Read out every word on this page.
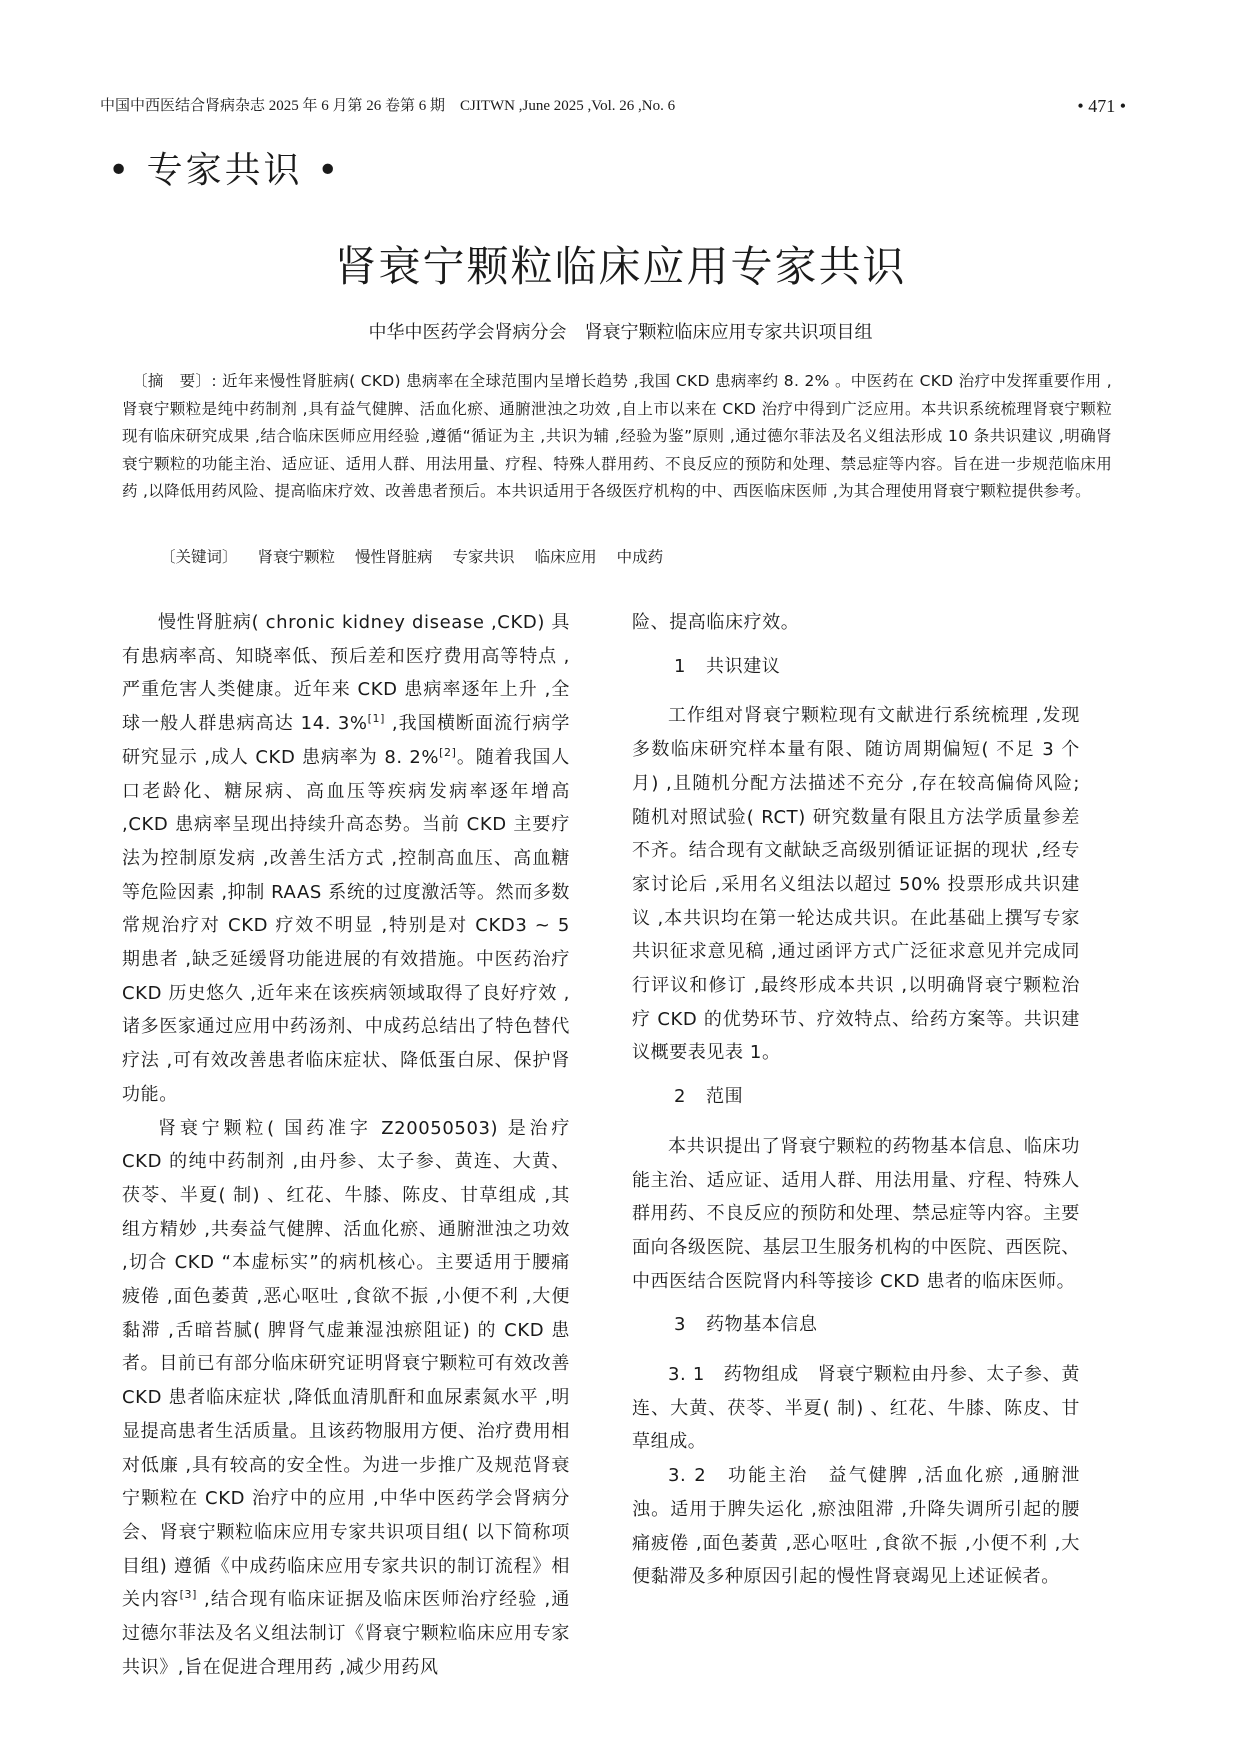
中国中西医结合肾病杂志 2025 年 6 月第 26 卷第 6 期　CJITWN ,June 2025 ,Vol. 26 ,No. 6	• 471 •
• 专家共识 •
肾衰宁颗粒临床应用专家共识
中华中医药学会肾病分会　肾衰宁颗粒临床应用专家共识项目组
〔摘　要〕: 近年来慢性肾脏病( CKD) 患病率在全球范围内呈增长趋势 ,我国 CKD 患病率约 8. 2% 。中医药在 CKD 治疗中发挥重要作用 ,肾衰宁颗粒是纯中药制剂 ,具有益气健脾、活血化瘀、通腑泄浊之功效 ,自上市以来在 CKD 治疗中得到广泛应用。本共识系统梳理肾衰宁颗粒现有临床研究成果 ,结合临床医师应用经验 ,遵循“循证为主 ,共识为辅 ,经验为鉴”原则 ,通过德尔菲法及名义组法形成 10 条共识建议 ,明确肾衰宁颗粒的功能主治、适应证、适用人群、用法用量、疗程、特殊人群用药、不良反应的预防和处理、禁忌症等内容。旨在进一步规范临床用药 ,以降低用药风险、提高临床疗效、改善患者预后。本共识适用于各级医疗机构的中、西医临床医师 ,为其合理使用肾衰宁颗粒提供参考。
〔关键词〕 肾衰宁颗粒 慢性肾脏病 专家共识 临床应用 中成药

慢性肾脏病( chronic kidney disease ,CKD) 具有患病率高、知晓率低、预后差和医疗费用高等特点 ,严重危害人类健康。近年来 CKD 患病率逐年上升 ,全球一般人群患病高达 14. 3%[1] ,我国横断面流行病学研究显示 ,成人 CKD 患病率为 8. 2%[2]。随着我国人口老龄化、糖尿病、高血压等疾病发病率逐年增高 ,CKD 患病率呈现出持续升高态势。当前 CKD 主要疗法为控制原发病 ,改善生活方式 ,控制高血压、高血糖等危险因素 ,抑制 RAAS 系统的过度激活等。然而多数常规治疗对 CKD 疗效不明显 ,特别是对 CKD3 ~ 5 期患者 ,缺乏延缓肾功能进展的有效措施。中医药治疗 CKD 历史悠久 ,近年来在该疾病领域取得了良好疗效 ,诸多医家通过应用中药汤剂、中成药总结出了特色替代疗法 ,可有效改善患者临床症状、降低蛋白尿、保护肾功能。

肾衰宁颗粒( 国药准字 Z20050503) 是治疗 CKD 的纯中药制剂 ,由丹参、太子参、黄连、大黄、茯苓、半夏( 制) 、红花、牛膝、陈皮、甘草组成 ,其组方精妙 ,共奏益气健脾、活血化瘀、通腑泄浊之功效 ,切合 CKD “本虚标实”的病机核心。主要适用于腰痛疲倦 ,面色萎黄 ,恶心呕吐 ,食欲不振 ,小便不利 ,大便黏滞 ,舌暗苔腻( 脾肾气虚兼湿浊瘀阻证) 的 CKD 患者。目前已有部分临床研究证明肾衰宁颗粒可有效改善 CKD 患者临床症状 ,降低血清肌酐和血尿素氮水平 ,明显提高患者生活质量。且该药物服用方便、治疗费用相对低廉 ,具有较高的安全性。为进一步推广及规范肾衰宁颗粒在 CKD 治疗中的应用 ,中华中医药学会肾病分会、肾衰宁颗粒临床应用专家共识项目组( 以下简称项目组) 遵循《中成药临床应用专家共识的制订流程》相关内容[3] ,结合现有临床证据及临床医师治疗经验 ,通过德尔菲法及名义组法制订《肾衰宁颗粒临床应用专家共识》,旨在促进合理用药 ,减少用药风

险、提高临床疗效。

1 共识建议

工作组对肾衰宁颗粒现有文献进行系统梳理 ,发现多数临床研究样本量有限、随访周期偏短( 不足 3 个月) ,且随机分配方法描述不充分 ,存在较高偏倚风险; 随机对照试验( RCT) 研究数量有限且方法学质量参差不齐。结合现有文献缺乏高级别循证证据的现状 ,经专家讨论后 ,采用名义组法以超过 50% 投票形成共识建议 ,本共识均在第一轮达成共识。在此基础上撰写专家共识征求意见稿 ,通过函评方式广泛征求意见并完成同行评议和修订 ,最终形成本共识 ,以明确肾衰宁颗粒治疗 CKD 的优势环节、疗效特点、给药方案等。共识建议概要表见表 1。

2 范围

本共识提出了肾衰宁颗粒的药物基本信息、临床功能主治、适应证、适用人群、用法用量、疗程、特殊人群用药、不良反应的预防和处理、禁忌症等内容。主要面向各级医院、基层卫生服务机构的中医院、西医院、中西医结合医院肾内科等接诊 CKD 患者的临床医师。

3 药物基本信息

3. 1　药物组成　肾衰宁颗粒由丹参、太子参、黄连、大黄、茯苓、半夏( 制) 、红花、牛膝、陈皮、甘草组成。

3. 2　功能主治　益气健脾 ,活血化瘀 ,通腑泄浊。适用于脾失运化 ,瘀浊阻滞 ,升降失调所引起的腰痛疲倦 ,面色萎黄 ,恶心呕吐 ,食欲不振 ,小便不利 ,大便黏滞及多种原因引起的慢性肾衰竭见上述证候者。
